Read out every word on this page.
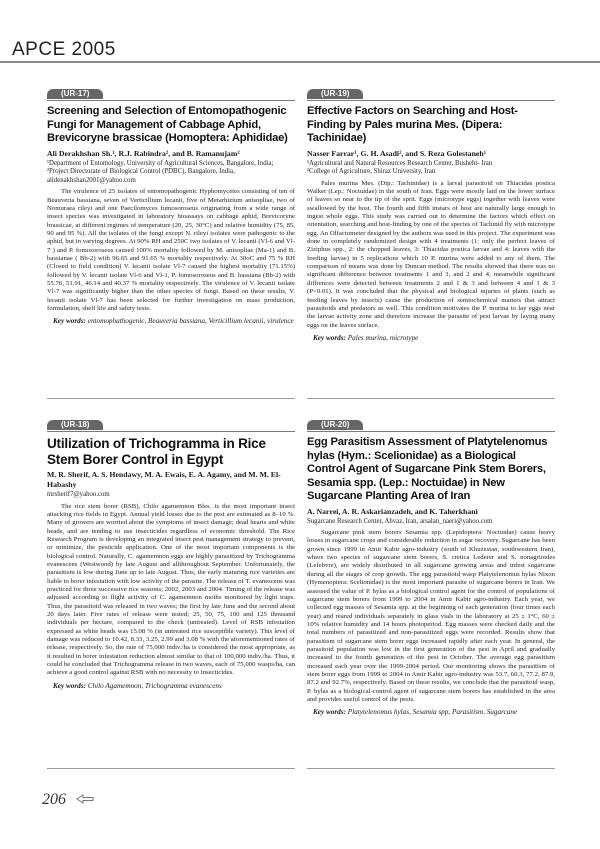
APCE 2005
(UR-17)
Screening and Selection of Entomopathogenic Fungi for Management of Cabbage Aphid, Brevicoryne brassicae (Homoptera: Aphididae)
Ali Derakhshan Sh.¹, R.J. Rabindra², and B. Ramanujam²
¹Department of Entomology, University of Agricultural Sciences, Bangalore, India; ²Project Directorate of Biological Control (PDBC), Bangalore, India, alidenakhshan2001@yahoo.com

The virulence of 25 isolates of entomopathogenic Hyphomycetes consisting of ten of Beauveria bassiana, seven of Verticillium lecanii, five of Metarhizium anisopliae, two of Nomuraea rileyi and one Paecilomyces fumosoroseus originating from a wide range of insect species was investigated in laboratory bioassays on cabbage aphid, Brevicoryne brassicae, at different regimes of temperature (20, 25, 30°C) and relative humidity (75, 85, 90 and 95 %). All the isolates of the fungi except N. rileyi isolates were pathogenic to the aphid, but in varying degrees. At 90% RH and 250C two isolates of V. lecanii (Vl-6 and Vl-7 ) and P. fomosoroseus caused 100% mortality followed by M. anisopliae (Ma-1) and B. bassianae ( Bb-2) with 96.65 and 91.65 % mortality respectively. At 30oC and 75 % RH (Closed to field condition) V. lecanii isolate Vl-7 caused the highest mortality (71.15%) followed by V. lecanii isolate Vl-6 and Vl-1, P. fomosoroseus and B. bassiana (Bb-2) with 55.76, 51.91, 46.14 and 40.37 % mortality respectively. The virulence of V. lecanii isolate Vl-7 was significantly higher than the other species of fungi. Based on these results, V. lecanii isolate Vl-7 has been selected for further investigation on mass production, formulation, shelf life and safety tests.

Key words: entomophathogenic, Beauveria bassiana, Verticillium lecanii, virulence
(UR-18)
Utilization of Trichogramma in Rice Stem Borer Control in Egypt
M. R. Sherif, A. S. Hendawy, M. A. Ewais, E. A. Agamy, and M. M. El-Habashy
mrsherif7@yahoo.com

The rice stem borer (RSB), Chilo agamemnon Bles. is the most important insect attacking rice fields in Egypt. Annual yield losses due to the pest are estimated as 8–10 %. Many of growers are worried about the symptoms of insect damage; dead hearts and white heads, and are tending to use insecticides regardless of economic threshold. The Rice Research Program is developing an integrated insect pest management strategy to prevent, or minimize, the pesticide application. One of the most important components is the biological control. Naturally, C. agamemnon eggs are highly parasitized by Trichogramma evanescens (Westwood) by late August and allthroughout September. Unfortunately, the parasitism is low during June up to late August. Thus, the early maturing rice varieties are liable to borer infestation with low activity of the parasite. The release of T. evanescens was practiced for three successive rice seasons; 2002, 2003 and 2004. Timing of the release was adjusted according to flight activity of C. agamemnon moths monitored by light traps. Thus, the parasitoid was released in two waves; the first by late June and the second about 20 days later. Five rates of release were tested; 25, 50, 75, 100 and 125 thousand individuals per hectare, compared to the check (untreated). Level of RSB infestation expressed as white heads was 15.08 % (in untreated rice susceptible variety). This level of damage was reduced to 10.42, 8.33, 3.25, 2.99 and 3.08 % with the aforementioned rates of release, respectively. So, the rate of 75,000 indiv./ha is considered the most appropriate, as it resulted in borer infestation reduction almost similar to that of 100,000 indiv./ha. Thus, it could be concluded that Trichogramma release in two waves, each of 75,000 wasps/ha, can achieve a good control against RSB with no necessity to insecticides.

Key words: Chilo Agamemnon, Trichogramma evanescens
(UR-19)
Effective Factors on Searching and Host-Finding by Pales murina Mes. (Dipera: Tachinidae)
Nasser Farrar¹, G. H. Asadi², and S. Reza Golestaneh¹
¹Agricultural and Natural Resources Research Center, Busheht- Iran
²College of Agriculture, Shiraz University, Iran

Pales murina Mes. (Dip.: Tachinidae) is a larval parasitoid on Thiacidas postica Walker (Lep.: Noctuidae) in the south of Iran. Eggs were mostly laid on the lower surface of leaves so near to the tip of the sprit. Eggs (microtype eggs) together with leaves were swallowed by the host. The fourth and fifth instars of host are naturally large enough to ingest whole eggs. This study was carried out to determine the factors which effect on orientation, searching and host-finding by one of the species of Tachinid fly with microtype egg. An Olfactometer designed by the authors was used in this project. The experiment was done in completely randomized design with 4 treatments (1: only the perfect leaves of Ziziphus spp., 2: the chopped leaves, 3: Thiacidas postica larvae and 4: leaves with the feeding larvae) in 5 replications which 10 P. murina were added to any of them. The comparison of means was done by Duncan method. The results showed that there was no significant difference between treatments 1 and 3, and 2 and 4, meanwhile significant diffrences were detected between treatments 2 and 1 & 3 and between 4 and 1 & 3 (P<0.01). It was concluded that the physical and biological injuries of plants (such as feeding leaves by insects) cause the production of semiochemical matters that attract parasitoids and predators as well. This condition motivates the P. murina to lay eggs near the larvae activity zone and therefore increase the parasite of pest larvae by laying many eggs on the leaves surface.

Key words: Pales murina, microtype
(UR-20)
Egg Parasitism Assessment of Platytelenomus hylas (Hym.: Scelionidae) as a Biological Control Agent of Sugarcane Pink Stem Borers, Sesamia spp. (Lep.: Noctuidae) in New Sugarcane Planting Area of Iran
A. Narrei, A. R. Askarianzadeh, and K. Taherkhani
Sugarcane Research Center, Ahvaz, Iran, arsalan_naeri@yahoo.com

Sugarcane pink stem borers Sesamia spp. (Lepidoptera: Noctuidae) cause heavy losses in sugarcane crops and considerable reduction in sugar recovery. Sugarcane has been grown since 1999 in Amir Kabir agro-industry (south of Khuzestan, southwestern Iran), where two species of sugarcane stem borers, S. cretica Lederer and S. nonagrioides (Lefebvre), are widely distributed in all sugarcane growing areas and infest sugarcane during all the stages of crop growth. The egg parasitoid wasp Platytelenomus hylas Nixon (Hymenoptera: Scelionidae) is the most important parasite of sugarcane borers in Iran. We assessed the value of P. hylas as a biological control agent for the control of populations of sugarcane stem borers from 1999 to 2004 in Amir Kabir agro-industry. Each year, we collected egg masses of Sesamia spp. at the beginning of each generation (four times each year) and reared individuals separately in glass vials in the laboratory at 25 ± 1°C, 60 ± 10% relative humidity and 14 hours photoperiod. Egg masses were checked daily and the total numbers of parasitized and non-parasitized eggs were recorded. Results show that parasitism of sugarcane stem borer eggs increased rapidly after each year. In general, the parasitoid population was low in the first generation of the pest in April and gradually increased to the fourth generation of the pest in October. The average egg parasitism increased each year over the 1999-2004 period. Our monitoring shows the parasitism of stem borer eggs from 1999 to 2004 in Amir Kabir agro-industry was 53.7, 60.3, 77.2, 87.9, 87.2 and 92.7%, respectively. Based on these results, we conclude that the parasitoid wasp, P. hylas as a biological-control agent of sugarcane stem borers has established in the area and provides useful control of the pests.

Key words: Platytelenomus hylas, Sesamia spp, Parasitism, Sugarcane
206
